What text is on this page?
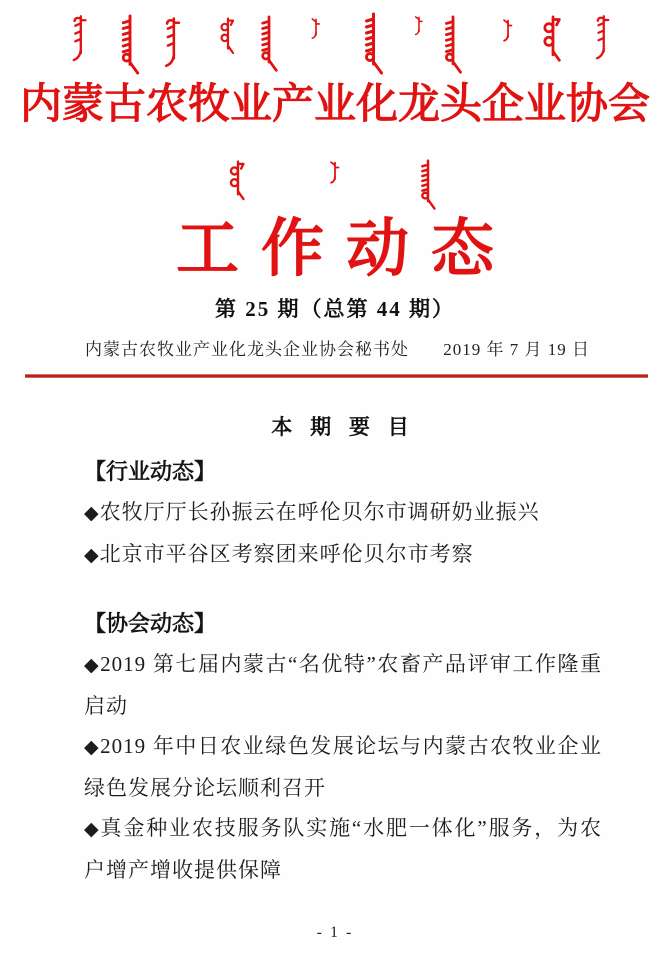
内蒙古农牧业产业化龙头企业协会
工作动态
第 25 期（总第 44 期）
内蒙古农牧业产业化龙头企业协会秘书处 2019 年 7 月 19 日
本 期 要 目
【行业动态】

◆农牧厅厅长孙振云在呼伦贝尔市调研奶业振兴

◆北京市平谷区考察团来呼伦贝尔市考察

【协会动态】

◆2019 第七届内蒙古“名优特”农畜产品评审工作隆重启动

◆2019 年中日农业绿色发展论坛与内蒙古农牧业企业绿色发展分论坛顺利召开

◆真金种业农技服务队实施“水肥一体化”服务，为农户增产增收提供保障

- 1 -
